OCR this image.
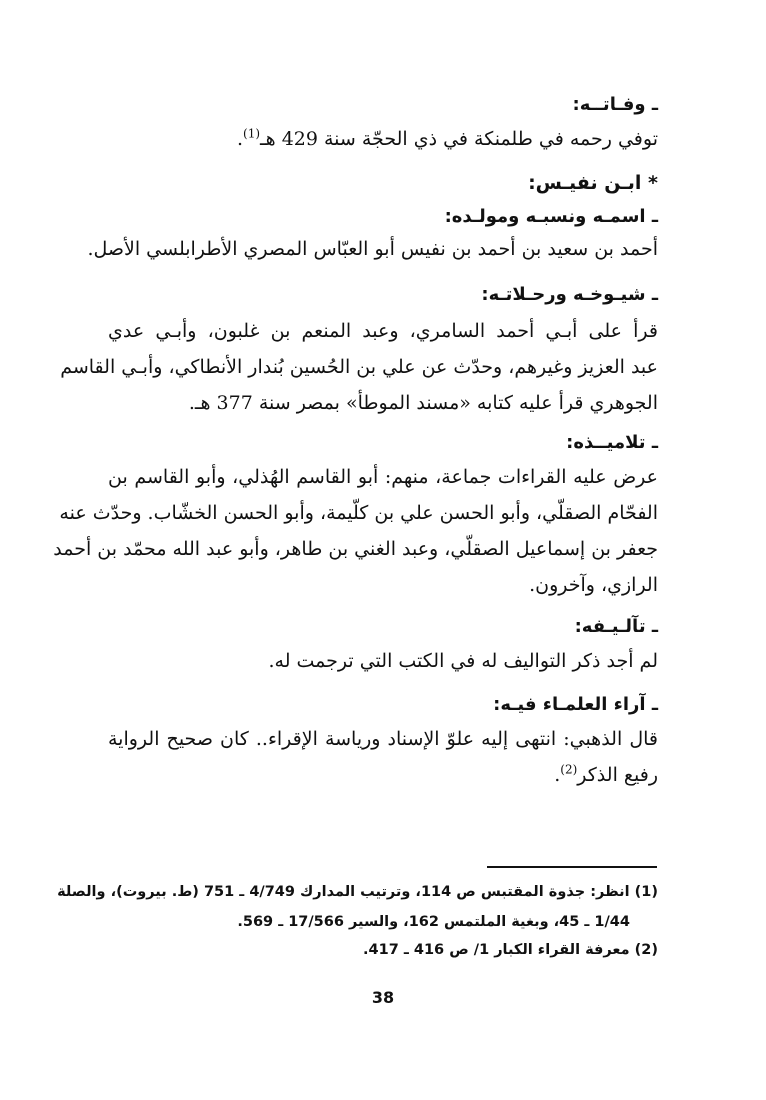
ـ وفـاتــه:
توفي رحمه في طلمنكة في ذي الحجّة سنة 429 هـ$^{(1)}$.
* ابـن نفيـس:
ـ اسمـه ونسبـه ومولـده:
أحمد بن سعيد بن أحمد بن نفيس أبو العبّاس المصري الأطرابلسي الأصل.
ـ شيـوخـه ورحـلاتـه:
قرأ على أبـي أحمد السامري، وعبد المنعم بن غلبون، وأبـي عدي
عبد العزيز وغيرهم، وحدّث عن علي بن الحُسين بُندار الأنطاكي، وأبـي القاسم
الجوهري قرأ عليه كتابه «مسند الموطأ» بمصر سنة 377 هـ.
ـ تلاميــذه:
عرض عليه القراءات جماعة، منهم: أبو القاسم الهُذلي، وأبو القاسم بن
الفحّام الصقلّي، وأبو الحسن علي بن كلّيمة، وأبو الحسن الخشّاب. وحدّث عنه
جعفر بن إسماعيل الصقلّي، وعبد الغني بن طاهر، وأبو عبد الله محمّد بن أحمد
الرازي، وآخرون.
ـ تآلـيـفه:
لم أجد ذكر التواليف له في الكتب التي ترجمت له.
ـ آراء العلمـاء فيـه:
قال الذهبي: انتهى إليه علوّ الإسناد ورياسة الإقراء.. كان صحيح الرواية
رفيع الذكر$^{(2)}$.
(1) انظر: جذوة المقتبس ص 114، وترتيب المدارك 4/749 ـ 751 (ط. بيروت)، والصلة
1/44 ـ 45، وبغية الملتمس 162، والسير 17/566 ـ 569.
(2) معرفة القراء الكبار 1/ ص 416 ـ 417.
38
